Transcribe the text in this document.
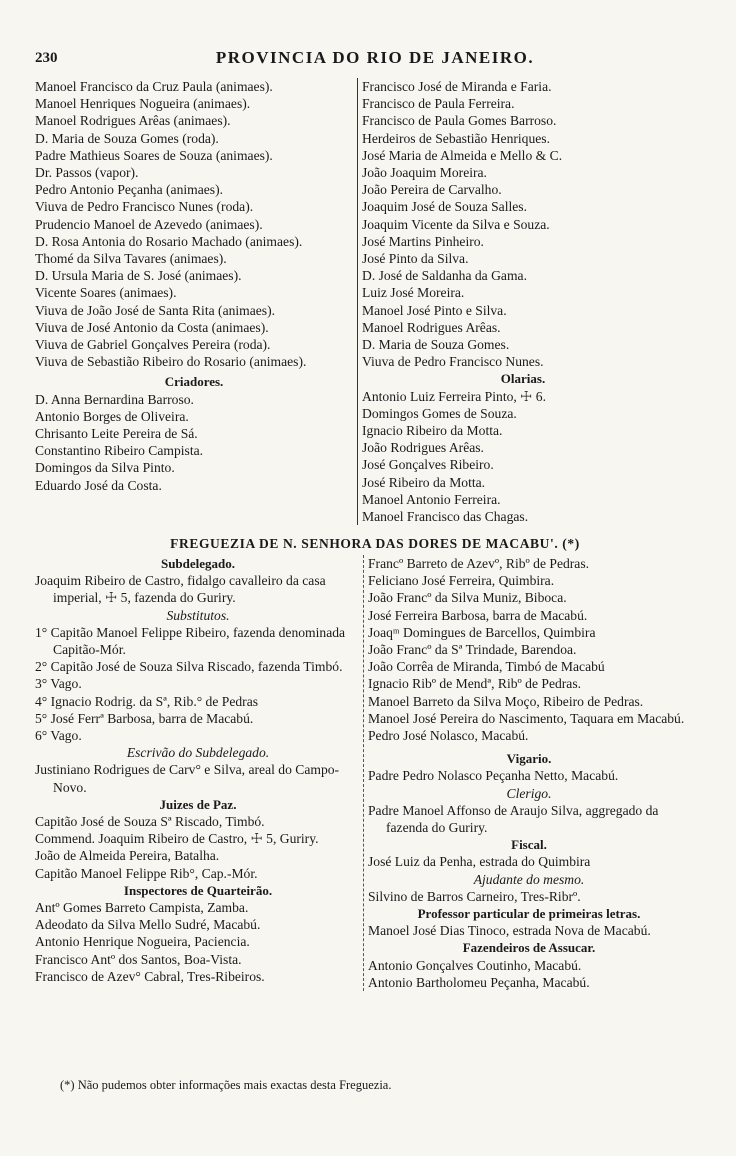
230	PROVINCIA DO RIO DE JANEIRO.
Manoel Francisco da Cruz Paula (animaes).
Manoel Henriques Nogueira (animaes).
Manoel Rodrigues Arêas (animaes).
D. Maria de Souza Gomes (roda).
Padre Mathieus Soares de Souza (animaes).
Dr. Passos (vapor).
Pedro Antonio Peçanha (animaes).
Viuva de Pedro Francisco Nunes (roda).
Prudencio Manoel de Azevedo (animaes).
D. Rosa Antonia do Rosario Machado (animaes).
Thomé da Silva Tavares (animaes).
D. Ursula Maria de S. José (animaes).
Vicente Soares (animaes).
Viuva de João José de Santa Rita (animaes).
Viuva de José Antonio da Costa (animaes).
Viuva de Gabriel Gonçalves Pereira (roda).
Viuva de Sebastião Ribeiro do Rosario (animaes).
Criadores.
D. Anna Bernardina Barroso.
Antonio Borges de Oliveira.
Chrisanto Leite Pereira de Sá.
Constantino Ribeiro Campista.
Domingos da Silva Pinto.
Eduardo José da Costa.
Francisco José de Miranda e Faria.
Francisco de Paula Ferreira.
Francisco de Paula Gomes Barroso.
Herdeiros de Sebastião Henriques.
José Maria de Almeida e Mello & C.
João Joaquim Moreira.
João Pereira de Carvalho.
Joaquim José de Souza Salles.
Joaquim Vicente da Silva e Souza.
José Martins Pinheiro.
José Pinto da Silva.
D. José de Saldanha da Gama.
Luiz José Moreira.
Manoel José Pinto e Silva.
Manoel Rodrigues Arêas.
D. Maria de Souza Gomes.
Viuva de Pedro Francisco Nunes.
Olarias.
Antonio Luiz Ferreira Pinto, ☩ 6.
Domingos Gomes de Souza.
Ignacio Ribeiro da Motta.
João Rodrigues Arêas.
José Gonçalves Ribeiro.
José Ribeiro da Motta.
Manoel Antonio Ferreira.
Manoel Francisco das Chagas.
FREGUEZIA DE N. SENHORA DAS DORES DE MACABU'. (*)
Subdelegado.
Joaquim Ribeiro de Castro, fidalgo cavalleiro da casa imperial, ☩ 5, fazenda do Guriry.
Substitutos.
1° Capitão Manoel Felippe Ribeiro, fazenda denominada Capitão-Mór.
2° Capitão José de Souza Silva Riscado, fazenda Timbó.
3° Vago.
4° Ignacio Rodrig. da Sª, Rib.° de Pedras
5° José Ferrª Barbosa, barra de Macabú.
6° Vago.
Escrivão do Subdelegado.
Justiniano Rodrigues de Carv° e Silva, areal do Campo-Novo.
Juizes de Paz.
Capitão José de Souza Sª Riscado, Timbó.
Commend. Joaquim Ribeiro de Castro, ☩ 5, Guriry.
João de Almeida Pereira, Batalha.
Capitão Manoel Felippe Rib°, Cap.-Mór.
Inspectores de Quarteirão.
Antº Gomes Barreto Campista, Zamba.
Adeodato da Silva Mello Sudré, Macabú.
Antonio Henrique Nogueira, Paciencia.
Francisco Antº dos Santos, Boa-Vista.
Francisco de Azev° Cabral, Tres-Ribeiros.
Francº Barreto de Azevº, Ribº de Pedras.
Feliciano José Ferreira, Quimbira.
João Francº da Silva Muniz, Biboca.
José Ferreira Barbosa, barra de Macabú.
Joaqᵐ Domingues de Barcellos, Quimbira
João Francº da Sª Trindade, Barendoa.
João Corrêa de Miranda, Timbó de Macabú
Ignacio Ribº de Mendª, Ribº de Pedras.
Manoel Barreto da Silva Moço, Ribeiro de Pedras.
Manoel José Pereira do Nascimento, Taquara em Macabú.
Pedro José Nolasco, Macabú.
Vigario.
Padre Pedro Nolasco Peçanha Netto, Macabú.
Clerigo.
Padre Manoel Affonso de Araujo Silva, aggregado da fazenda do Guriry.
Fiscal.
José Luiz da Penha, estrada do Quimbira
Ajudante do mesmo.
Silvino de Barros Carneiro, Tres-Ribrº.
Professor particular de primeiras letras.
Manoel José Dias Tinoco, estrada Nova de Macabú.
Fazendeiros de Assucar.
Antonio Gonçalves Coutinho, Macabú.
Antonio Bartholomeu Peçanha, Macabú.
(*) Não pudemos obter informações mais exactas desta Freguezia.
